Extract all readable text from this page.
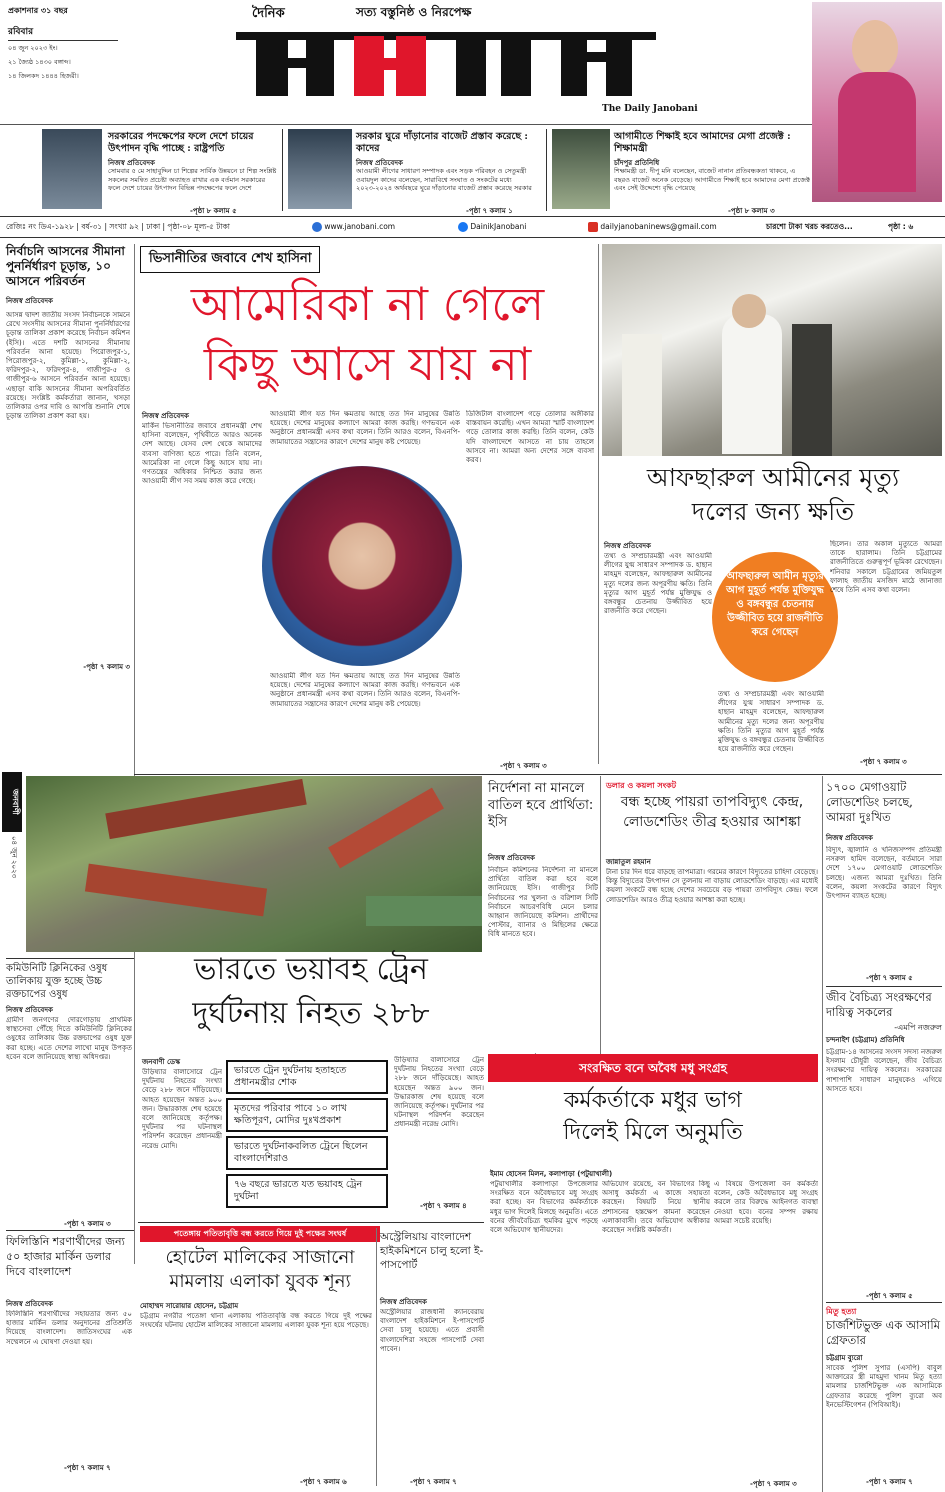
প্রকাশনার ৩১ বছর
রবিবার
০৪ জুন ২০২৩ ইং।
২১ জ্যৈষ্ঠ ১৪৩০ বঙ্গাব্দ।
১৪ জিলকদ ১৪৪৪ হিজরী।
দৈনিক	সত্য বস্তুনিষ্ঠ ও নিরপেক্ষ
The Daily Janobani
সরকারের পদক্ষেপের ফলে দেশে চায়ের উৎপাদন বৃদ্ধি পাচ্ছে : রাষ্ট্রপতি
নিজস্ব প্রতিবেদক
সোমবার ৫ মে সাহাবুদ্দিন চা শিল্পের সার্বিক উন্নয়নে চা শিল্প সংশ্লিষ্ট সকলের সমন্বিত প্রচেষ্টা অব্যাহত রাখার এক বর্তমান সরকারের ফলে দেশে চায়ের উৎপাদন বিভিন্ন পদক্ষেপের ফলে দেশে
-পৃষ্ঠা ৮ কলাম ৫
সরকার ঘুরে দাঁড়ানোর বাজেট প্রস্তাব করেছে : কাদের
নিজস্ব প্রতিবেদক
আওয়ামী লীগের সাধারণ সম্পাদক এবং সড়ক পরিবহন ও সেতুমন্ত্রী ওবায়দুল কাদের বলেছেন, সারাবিশ্বে সংঘাত ও সংকটের মধ্যে ২০২৩-২০২৪ অর্থবছরে ঘুরে দাঁড়ানোর বাজেট প্রস্তাব করেছে সরকার
-পৃষ্ঠা ৭ কলাম ১
আগামীতে শিক্ষাই হবে আমাদের মেগা প্রজেক্ট : শিক্ষামন্ত্রী
চাঁদপুর প্রতিনিধি
শিক্ষামন্ত্রী ডা. দীপু মনি বলেছেন, বাজেট নানান প্রতিবন্ধকতা থাকবে, এ বছরও বাজেট অনেক বেড়েছে। আগামীতে শিক্ষাই হবে আমাদের মেগা প্রজেক্ট এবং সেই উদ্দেশ্যে বৃদ্ধি পেয়েছে
-পৃষ্ঠা ৮ কলাম ৩
রেজিঃ নং ডিএ-১৯২৮ | বর্ষ-৩১ | সংখ্যা ৯২ | ঢাকা | পৃষ্ঠা-০৮ মূল্য-৫ টাকা	www.janobani.com	DainikJanobani	dailyjanobaninews@gmail.com	চারশো টাকা খরচ করতেও...	পৃষ্ঠা : ৬
নির্বাচনি আসনের সীমানা পুনর্নির্ধারণ চূড়ান্ত, ১০ আসনে পরিবর্তন
নিজস্ব প্রতিবেদক
আসন্ন দ্বাদশ জাতীয় সংসদ নির্বাচনকে সামনে রেখে সংসদীয় আসনের সীমানা পুনর্নির্ধারণের চূড়ান্ত তালিকা প্রকাশ করেছে নির্বাচন কমিশন (ইসি)। এতে দশটি আসনের সীমানায় পরিবর্তন আনা হয়েছে। পিরোজপুর-১, পিরোজপুর-২, কুমিল্লা-১, কুমিল্লা-২, ফরিদপুর-২, ফরিদপুর-৪, গাজীপুর-৫ ও গাজীপুর-৬ আসনে পরিবর্তন আনা হয়েছে। এছাড়া বাকি আসনের সীমানা অপরিবর্তিত রয়েছে। সংশ্লিষ্ট কর্মকর্তারা জানান, খসড়া তালিকার ওপর দাবি ও আপত্তি শুনানি শেষে চূড়ান্ত তালিকা প্রকাশ করা হয়।
-পৃষ্ঠা ৭ কলাম ৩
ভিসানীতির জবাবে শেখ হাসিনা
আমেরিকা না গেলে
কিছু আসে যায় না
নিজস্ব প্রতিবেদক
মার্কিন ভিসানীতির জবাবে প্রধানমন্ত্রী শেখ হাসিনা বলেছেন, পৃথিবীতে আরও অনেক দেশ আছে। যেসব দেশ থেকে আমাদের ব্যবসা বাণিজ্য হতে পারে। তিনি বলেন, আমেরিকা না গেলে কিছু আসে যায় না। গণতন্ত্রের অধিকার নিশ্চিত করার জন্য আওয়ামী লীগ সব সময় কাজ করে গেছে।
আওয়ামী লীগ যত দিন ক্ষমতায় আছে তত দিন মানুষের উন্নতি হয়েছে। দেশের মানুষের কল্যাণে আমরা কাজ করছি। গণভবনে এক অনুষ্ঠানে প্রধানমন্ত্রী এসব কথা বলেন। তিনি আরও বলেন, বিএনপি-জামায়াতের সন্ত্রাসের কারণে দেশের মানুষ কষ্ট পেয়েছে।
ডিজিটাল বাংলাদেশ গড়ে তোলার অঙ্গীকার বাস্তবায়ন করেছি। এখন আমরা স্মার্ট বাংলাদেশ গড়ে তোলার কাজ করছি। তিনি বলেন, কেউ যদি বাংলাদেশে আসতে না চায় তাহলে আসবে না। আমরা অন্য দেশের সঙ্গে ব্যবসা করব।
আওয়ামী লীগ যত দিন ক্ষমতায় আছে তত দিন মানুষের উন্নতি হয়েছে। দেশের মানুষের কল্যাণে আমরা কাজ করছি। গণভবনে এক অনুষ্ঠানে প্রধানমন্ত্রী এসব কথা বলেন। তিনি আরও বলেন, বিএনপি-জামায়াতের সন্ত্রাসের কারণে দেশের মানুষ কষ্ট পেয়েছে।
-পৃষ্ঠা ৭ কলাম ৩
আফছারুল আমীনের মৃত্যু
দলের জন্য ক্ষতি
নিজস্ব প্রতিবেদক
তথ্য ও সম্প্রচারমন্ত্রী এবং আওয়ামী লীগের যুগ্ম সাধারণ সম্পাদক ড. হাছান মাহমুদ বলেছেন, আফছারুল আমীনের মৃত্যু দলের জন্য অপূরণীয় ক্ষতি। তিনি মৃত্যুর আগ মুহূর্ত পর্যন্ত মুক্তিযুদ্ধ ও বঙ্গবন্ধুর চেতনায় উজ্জীবিত হয়ে রাজনীতি করে গেছেন।
তথ্য ও সম্প্রচারমন্ত্রী এবং আওয়ামী লীগের যুগ্ম সাধারণ সম্পাদক ড. হাছান মাহমুদ বলেছেন, আফছারুল আমীনের মৃত্যু দলের জন্য অপূরণীয় ক্ষতি। তিনি মৃত্যুর আগ মুহূর্ত পর্যন্ত মুক্তিযুদ্ধ ও বঙ্গবন্ধুর চেতনায় উজ্জীবিত হয়ে রাজনীতি করে গেছেন।
আফছারুল আমীন মৃত্যুর আগ মুহূর্ত পর্যন্ত মুক্তিযুদ্ধ ও বঙ্গবন্ধুর চেতনায় উজ্জীবিত হয়ে রাজনীতি করে গেছেন
ছিলেন। তার অকাল মৃত্যুতে আমরা তাকে হারালাম। তিনি চট্টগ্রামের রাজনীতিতে গুরুত্বপূর্ণ ভূমিকা রেখেছেন। শনিবার সকালে চট্টগ্রামের জমিয়তুল ফালাহ জাতীয় মসজিদ মাঠে জানাজা শেষে তিনি এসব কথা বলেন।
-পৃষ্ঠা ৭ কলাম ৩
জনবাণী
০৪ জুন ২০২৩
নির্দেশনা না মানলে বাতিল হবে প্রার্থিতা: ইসি
নিজস্ব প্রতিবেদক
নির্বাচন কমিশনের নির্দেশনা না মানলে প্রার্থিতা বাতিল করা হবে বলে জানিয়েছে ইসি। গাজীপুর সিটি নির্বাচনের পর খুলনা ও বরিশাল সিটি নির্বাচনে আচরণবিধি মেনে চলার আহ্বান জানিয়েছে কমিশন। প্রার্থীদের পোস্টার, ব্যানার ও মিছিলের ক্ষেত্রে বিধি মানতে হবে।
ডলার ও কয়লা সংকট
বন্ধ হচ্ছে পায়রা তাপবিদ্যুৎ কেন্দ্র, লোডশেডিং তীব্র হওয়ার আশঙ্কা
জান্নাতুল রহমান
টানা চার দিন ধরে বাড়ছে তাপমাত্রা। গরমের কারণে বিদ্যুতের চাহিদা বেড়েছে। কিন্তু বিদ্যুতের উৎপাদন সে তুলনায় না বাড়ায় লোডশেডিং বাড়ছে। এর মধ্যেই কয়লা সংকটে বন্ধ হচ্ছে দেশের সবচেয়ে বড় পায়রা তাপবিদ্যুৎ কেন্দ্র। ফলে লোডশেডিং আরও তীব্র হওয়ার আশঙ্কা করা হচ্ছে।
১৭০০ মেগাওয়াট লোডশেডিং চলছে, আমরা দুঃখিত
নিজস্ব প্রতিবেদক
বিদ্যুৎ, জ্বালানি ও খনিজসম্পদ প্রতিমন্ত্রী নসরুল হামিদ বলেছেন, বর্তমানে সারা দেশে ১৭০০ মেগাওয়াট লোডশেডিং চলছে। এজন্য আমরা দুঃখিত। তিনি বলেন, কয়লা সংকটের কারণে বিদ্যুৎ উৎপাদন ব্যাহত হচ্ছে।
-পৃষ্ঠা ৭ কলাম ৫
জীব বৈচিত্র্য সংরক্ষণের দায়িত্ব সকলের
-এমপি নজরুল
চন্দনাইশ (চট্টগ্রাম) প্রতিনিধি
চট্টগ্রাম-১৪ আসনের সংসদ সদস্য নজরুল ইসলাম চৌধুরী বলেছেন, জীব বৈচিত্র্য সংরক্ষণের দায়িত্ব সকলের। সরকারের পাশাপাশি সাধারণ মানুষকেও এগিয়ে আসতে হবে।
-পৃষ্ঠা ৭ কলাম ৫
মিতু হত্যা
চার্জশিটভুক্ত এক আসামি গ্রেফতার
চট্টগ্রাম ব্যুরো
সাবেক পুলিশ সুপার (এসপি) বাবুল আক্তারের স্ত্রী মাহমুদা খানম মিতু হত্যা মামলার চার্জশিটভুক্ত এক আসামিকে গ্রেফতার করেছে পুলিশ ব্যুরো অব ইনভেস্টিগেশন (পিবিআই)।
-পৃষ্ঠা ৭ কলাম ৭
কমিউনিটি ক্লিনিকের ওষুধ তালিকায় যুক্ত হচ্ছে উচ্চ রক্তচাপের ওষুধ
নিজস্ব প্রতিবেদক
গ্রামীণ জনগণের দোরগোড়ায় প্রাথমিক স্বাস্থ্যসেবা পৌঁছে দিতে কমিউনিটি ক্লিনিকের ওষুধের তালিকায় উচ্চ রক্তচাপের ওষুধ যুক্ত করা হচ্ছে। এতে দেশের লাখো মানুষ উপকৃত হবেন বলে জানিয়েছে স্বাস্থ্য অধিদপ্তর।
-পৃষ্ঠা ৭ কলাম ৩
ফিলিস্তিনি শরণার্থীদের জন্য ৫০ হাজার মার্কিন ডলার দিবে বাংলাদেশ
নিজস্ব প্রতিবেদক
ফিলিস্তিনি শরণার্থীদের সহায়তার জন্য ৫০ হাজার মার্কিন ডলার অনুদানের প্রতিশ্রুতি দিয়েছে বাংলাদেশ। জাতিসংঘের এক সম্মেলনে এ ঘোষণা দেওয়া হয়।
-পৃষ্ঠা ৭ কলাম ৭
ভারতে ভয়াবহ ট্রেন
দুর্ঘটনায় নিহত ২৮৮
জনবাণী ডেস্ক
উড়িষ্যার বালাসোরে ট্রেন দুর্ঘটনায় নিহতের সংখ্যা বেড়ে ২৮৮ জনে দাঁড়িয়েছে। আহত হয়েছেন অন্তত ৯০০ জন। উদ্ধারকাজ শেষ হয়েছে বলে জানিয়েছে কর্তৃপক্ষ। দুর্ঘটনার পর ঘটনাস্থল পরিদর্শন করেছেন প্রধানমন্ত্রী নরেন্দ্র মোদি।
ভারতে ট্রেন দুর্ঘটনায় হতাহতে প্রধানমন্ত্রীর শোক
মৃতদের পরিবার পাবে ১০ লাখ ক্ষতিপূরণ, মোদির দুঃখপ্রকাশ
ভারতে দুর্ঘটনাকবলিত ট্রেনে ছিলেন বাংলাদেশিরাও
৭৬ বছরে ভারতে যত ভয়াবহ ট্রেন দুর্ঘটনা
উড়িষ্যার বালাসোরে ট্রেন দুর্ঘটনায় নিহতের সংখ্যা বেড়ে ২৮৮ জনে দাঁড়িয়েছে। আহত হয়েছেন অন্তত ৯০০ জন। উদ্ধারকাজ শেষ হয়েছে বলে জানিয়েছে কর্তৃপক্ষ। দুর্ঘটনার পর ঘটনাস্থল পরিদর্শন করেছেন প্রধানমন্ত্রী নরেন্দ্র মোদি।
-পৃষ্ঠা ৭ কলাম ৪
সংরক্ষিত বনে অবৈধ মধু সংগ্রহ
কর্মকর্তাকে মধুর ভাগ
দিলেই মিলে অনুমতি
ইমাম হোসেন মিলন, কলাপাড়া (পটুয়াখালী)
পটুয়াখালীর কলাপাড়া উপজেলার সংরক্ষিত বনে অবৈধভাবে মধু সংগ্রহ করা হচ্ছে। বন বিভাগের কর্মকর্তাকে মধুর ভাগ দিলেই মিলছে অনুমতি। এতে বনের জীববৈচিত্র্য হুমকির মুখে পড়ছে বলে অভিযোগ স্থানীয়দের।
অভিযোগ রয়েছে, বন বিভাগের কিছু অসাধু কর্মকর্তা এ কাজে সহায়তা করছেন। বিষয়টি নিয়ে স্থানীয় প্রশাসনের হস্তক্ষেপ কামনা করেছেন এলাকাবাসী। তবে অভিযোগ অস্বীকার করেছেন সংশ্লিষ্ট কর্মকর্তা।
এ বিষয়ে উপজেলা বন কর্মকর্তা বলেন, কেউ অবৈধভাবে মধু সংগ্রহ করলে তার বিরুদ্ধে আইনগত ব্যবস্থা নেওয়া হবে। বনের সম্পদ রক্ষায় আমরা সচেষ্ট রয়েছি।
-পৃষ্ঠা ৭ কলাম ৩
পতেঙ্গায় পতিতাবৃত্তি বন্ধ করতে গিয়ে দুই পক্ষের সংঘর্ষ
হোটেল মালিকের সাজানো মামলায় এলাকা যুবক শূন্য
মোহাম্মদ সারোয়ার হোসেন, চট্টগ্রাম
চট্টগ্রাম নগরীর পতেঙ্গা থানা এলাকায় পতিতাবৃত্তি বন্ধ করতে গিয়ে দুই পক্ষের সংঘর্ষের ঘটনায় হোটেল মালিকের সাজানো মামলায় এলাকা যুবক শূন্য হয়ে পড়েছে।
-পৃষ্ঠা ৭ কলাম ৬
অস্ট্রেলিয়ায় বাংলাদেশ হাইকমিশনে চালু হলো ই-পাসপোর্ট
নিজস্ব প্রতিবেদক
অস্ট্রেলিয়ার রাজধানী ক্যানবেরায় বাংলাদেশ হাইকমিশনে ই-পাসপোর্ট সেবা চালু হয়েছে। এতে প্রবাসী বাংলাদেশিরা সহজে পাসপোর্ট সেবা পাবেন।
-পৃষ্ঠা ৭ কলাম ৭
